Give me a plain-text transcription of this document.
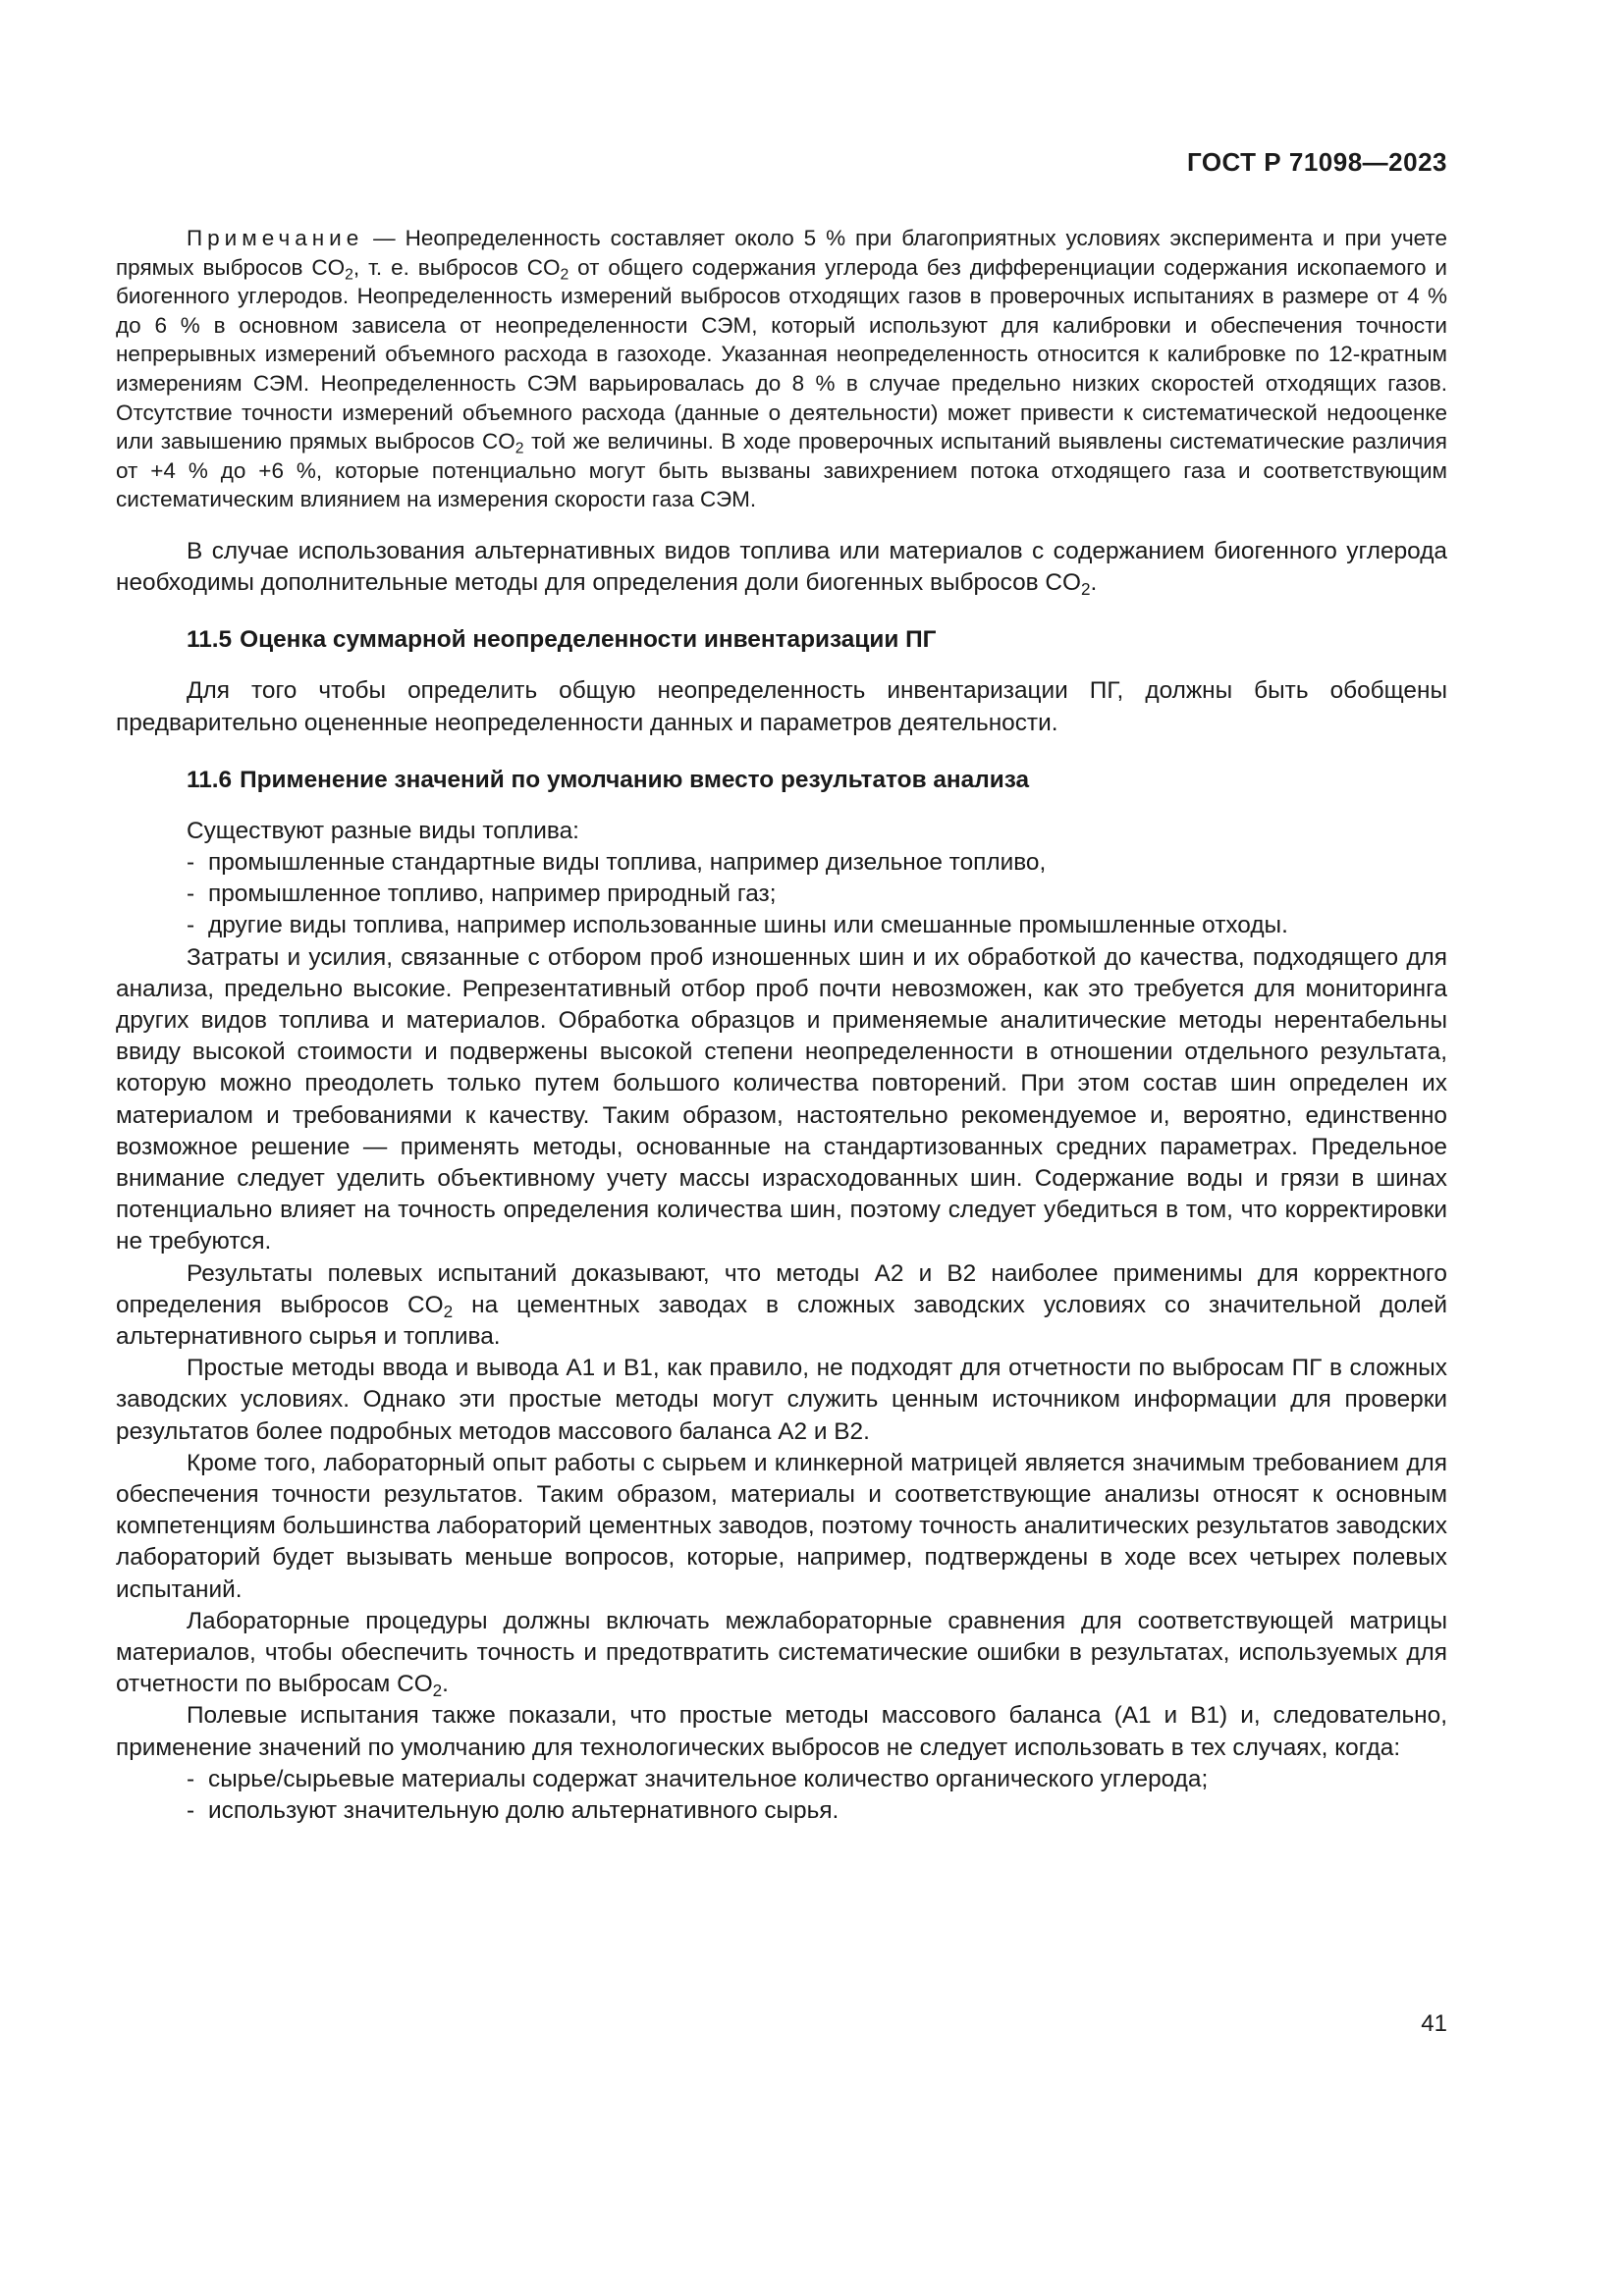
ГОСТ Р 71098—2023

Примечание — Неопределенность составляет около 5 % при благоприятных условиях эксперимента и при учете прямых выбросов $CO_2$, т. е. выбросов $CO_2$ от общего содержания углерода без дифференциации содержания ископаемого и биогенного углеродов. Неопределенность измерений выбросов отходящих газов в проверочных испытаниях в размере от 4 % до 6 % в основном зависела от неопределенности СЭМ, который используют для калибровки и обеспечения точности непрерывных измерений объемного расхода в газоходе. Указанная неопределенность относится к калибровке по 12-кратным измерениям СЭМ. Неопределенность СЭМ варьировалась до 8 % в случае предельно низких скоростей отходящих газов. Отсутствие точности измерений объемного расхода (данные о деятельности) может привести к систематической недооценке или завышению прямых выбросов $CO_2$ той же величины. В ходе проверочных испытаний выявлены систематические различия от +4 % до +6 %, которые потенциально могут быть вызваны завихрением потока отходящего газа и соответствующим систематическим влиянием на измерения скорости газа СЭМ.

В случае использования альтернативных видов топлива или материалов с содержанием биогенного углерода необходимы дополнительные методы для определения доли биогенных выбросов $CO_2$.

11.5 Оценка суммарной неопределенности инвентаризации ПГ

Для того чтобы определить общую неопределенность инвентаризации ПГ, должны быть обобщены предварительно оцененные неопределенности данных и параметров деятельности.

11.6 Применение значений по умолчанию вместо результатов анализа

Существуют разные виды топлива:

- промышленные стандартные виды топлива, например дизельное топливо,

- промышленное топливо, например природный газ;

- другие виды топлива, например использованные шины или смешанные промышленные отходы.

Затраты и усилия, связанные с отбором проб изношенных шин и их обработкой до качества, подходящего для анализа, предельно высокие. Репрезентативный отбор проб почти невозможен, как это требуется для мониторинга других видов топлива и материалов. Обработка образцов и применяемые аналитические методы нерентабельны ввиду высокой стоимости и подвержены высокой степени неопределенности в отношении отдельного результата, которую можно преодолеть только путем большого количества повторений. При этом состав шин определен их материалом и требованиями к качеству. Таким образом, настоятельно рекомендуемое и, вероятно, единственно возможное решение — применять методы, основанные на стандартизованных средних параметрах. Предельное внимание следует уделить объективному учету массы израсходованных шин. Содержание воды и грязи в шинах потенциально влияет на точность определения количества шин, поэтому следует убедиться в том, что корректировки не требуются.

Результаты полевых испытаний доказывают, что методы A2 и B2 наиболее применимы для корректного определения выбросов $CO_2$ на цементных заводах в сложных заводских условиях со значительной долей альтернативного сырья и топлива.

Простые методы ввода и вывода A1 и B1, как правило, не подходят для отчетности по выбросам ПГ в сложных заводских условиях. Однако эти простые методы могут служить ценным источником информации для проверки результатов более подробных методов массового баланса A2 и B2.

Кроме того, лабораторный опыт работы с сырьем и клинкерной матрицей является значимым требованием для обеспечения точности результатов. Таким образом, материалы и соответствующие анализы относят к основным компетенциям большинства лабораторий цементных заводов, поэтому точность аналитических результатов заводских лабораторий будет вызывать меньше вопросов, которые, например, подтверждены в ходе всех четырех полевых испытаний.

Лабораторные процедуры должны включать межлабораторные сравнения для соответствующей матрицы материалов, чтобы обеспечить точность и предотвратить систематические ошибки в результатах, используемых для отчетности по выбросам $CO_2$.

Полевые испытания также показали, что простые методы массового баланса (A1 и B1) и, следовательно, применение значений по умолчанию для технологических выбросов не следует использовать в тех случаях, когда:

- сырье/сырьевые материалы содержат значительное количество органического углерода;

- используют значительную долю альтернативного сырья.

41
